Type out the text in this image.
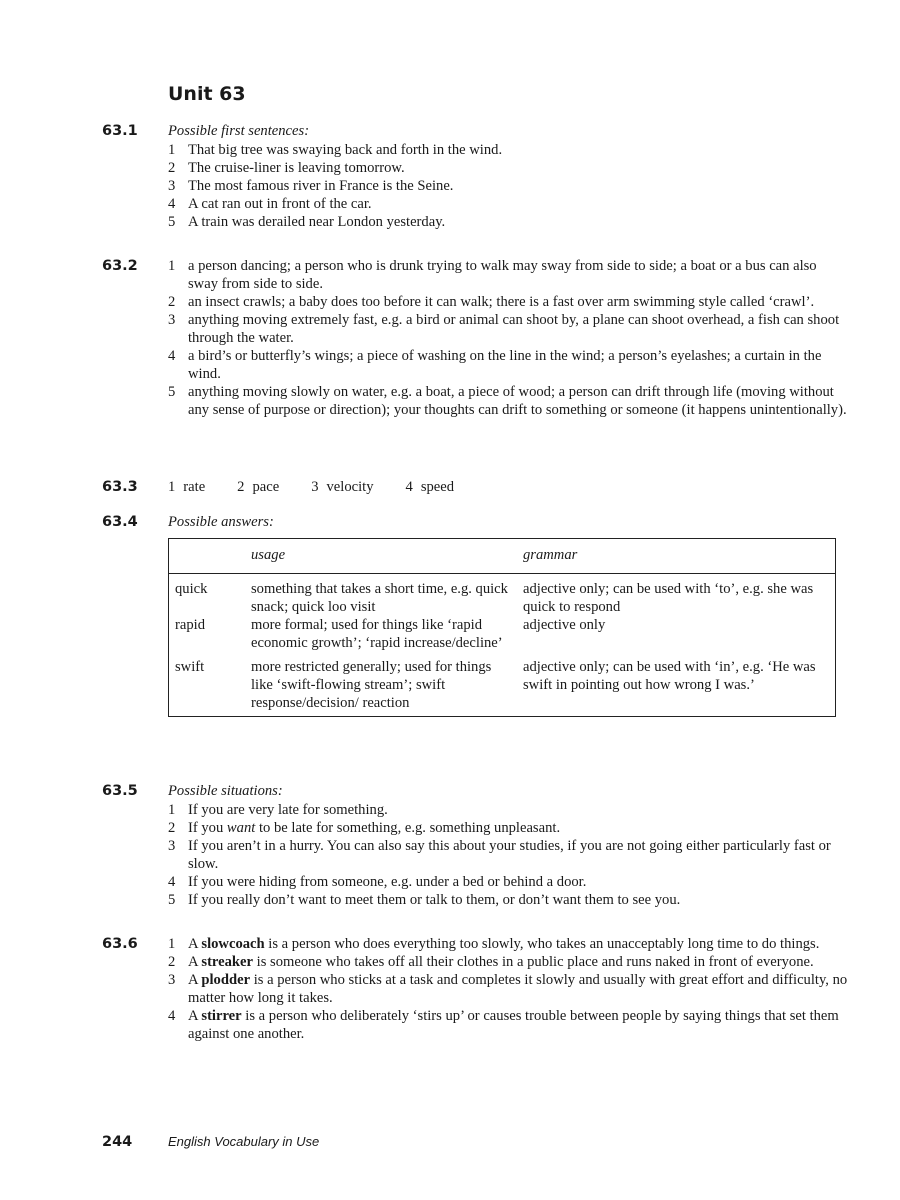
Unit 63
63.1 Possible first sentences:
1 That big tree was swaying back and forth in the wind.
2 The cruise-liner is leaving tomorrow.
3 The most famous river in France is the Seine.
4 A cat ran out in front of the car.
5 A train was derailed near London yesterday.
63.2 1 a person dancing; a person who is drunk trying to walk may sway from side to side; a boat or a bus can also sway from side to side.
2 an insect crawls; a baby does too before it can walk; there is a fast over arm swimming style called ‘crawl’.
3 anything moving extremely fast, e.g. a bird or animal can shoot by, a plane can shoot overhead, a fish can shoot through the water.
4 a bird’s or butterfly’s wings; a piece of washing on the line in the wind; a person’s eyelashes; a curtain in the wind.
5 anything moving slowly on water, e.g. a boat, a piece of wood; a person can drift through life (moving without any sense of purpose or direction); your thoughts can drift to something or someone (it happens unintentionally).
63.3 1 rate 2 pace 3 velocity 4 speed
63.4 Possible answers:
	usage	grammar
quick	something that takes a short time, e.g. quick snack; quick loo visit	adjective only; can be used with ‘to’, e.g. she was quick to respond
rapid	more formal; used for things like ‘rapid economic growth’; ‘rapid increase/decline’	adjective only
swift	more restricted generally; used for things like ‘swift-flowing stream’; swift response/decision/ reaction	adjective only; can be used with ‘in’, e.g. ‘He was swift in pointing out how wrong I was.’
63.5 Possible situations:
1 If you are very late for something.
2 If you want to be late for something, e.g. something unpleasant.
3 If you aren’t in a hurry. You can also say this about your studies, if you are not going either particularly fast or slow.
4 If you were hiding from someone, e.g. under a bed or behind a door.
5 If you really don’t want to meet them or talk to them, or don’t want them to see you.
63.6 1 A slowcoach is a person who does everything too slowly, who takes an unacceptably long time to do things.
2 A streaker is someone who takes off all their clothes in a public place and runs naked in front of everyone.
3 A plodder is a person who sticks at a task and completes it slowly and usually with great effort and difficulty, no matter how long it takes.
4 A stirrer is a person who deliberately ‘stirs up’ or causes trouble between people by saying things that set them against one another.
244	English Vocabulary in Use
